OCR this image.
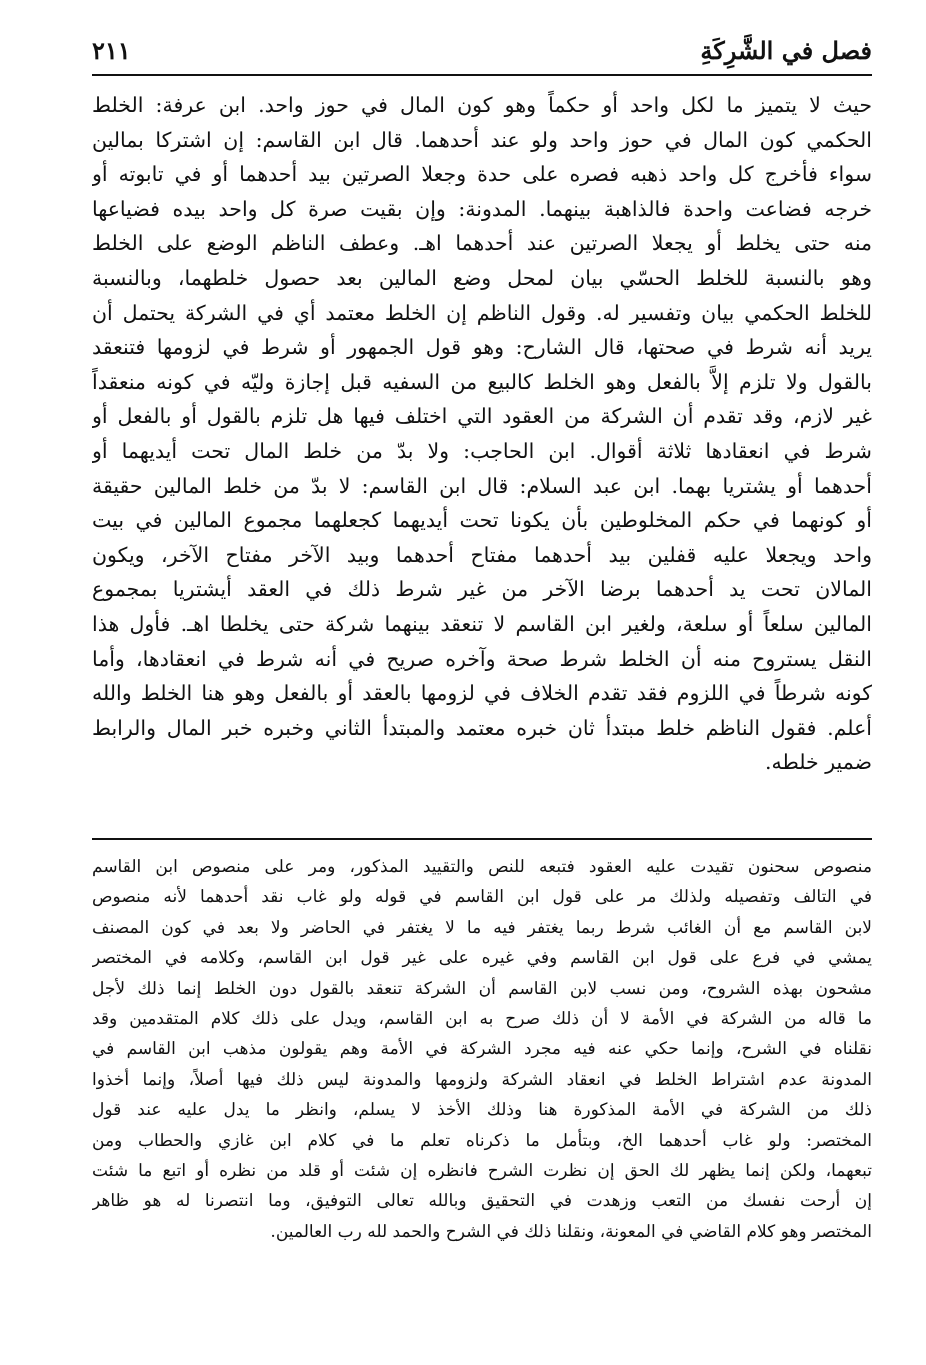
فصل في الشَّرِكَةِ
٢١١
حيث لا يتميز ما لكل واحد أو حكماً وهو كون المال في حوز واحد. ابن عرفة: الخلط
الحكمي كون المال في حوز واحد ولو عند أحدهما. قال ابن القاسم: إن اشتركا بمالين
سواء فأخرج كل واحد ذهبه فصره على حدة وجعلا الصرتين بيد أحدهما أو في تابوته أو
خرجه فضاعت واحدة فالذاهبة بينهما. المدونة: وإن بقيت صرة كل واحد بيده فضياعها
منه حتى يخلط أو يجعلا الصرتين عند أحدهما اهـ. وعطف الناظم الوضع على الخلط
وهو بالنسبة للخلط الحسّي بيان لمحل وضع المالين بعد حصول خلطهما، وبالنسبة
للخلط الحكمي بيان وتفسير له. وقول الناظم إن الخلط معتمد أي في الشركة يحتمل أن
يريد أنه شرط في صحتها، قال الشارح: وهو قول الجمهور أو شرط في لزومها فتنعقد
بالقول ولا تلزم إلاَّ بالفعل وهو الخلط كالبيع من السفيه قبل إجازة وليّه في كونه منعقداً
غير لازم، وقد تقدم أن الشركة من العقود التي اختلف فيها هل تلزم بالقول أو بالفعل أو
شرط في انعقادها ثلاثة أقوال. ابن الحاجب: ولا بدّ من خلط المال تحت أيديهما أو
أحدهما أو يشتريا بهما. ابن عبد السلام: قال ابن القاسم: لا بدّ من خلط المالين حقيقة
أو كونهما في حكم المخلوطين بأن يكونا تحت أيديهما كجعلهما مجموع المالين في بيت
واحد ويجعلا عليه قفلين بيد أحدهما مفتاح أحدهما وبيد الآخر مفتاح الآخر، ويكون
المالان تحت يد أحدهما برضا الآخر من غير شرط ذلك في العقد أيشتريا بمجموع
المالين سلعاً أو سلعة، ولغير ابن القاسم لا تنعقد بينهما شركة حتى يخلطا اهـ. فأول هذا
النقل يستروح منه أن الخلط شرط صحة وآخره صريح في أنه شرط في انعقادها، وأما
كونه شرطاً في اللزوم فقد تقدم الخلاف في لزومها بالعقد أو بالفعل وهو هنا الخلط والله
أعلم. فقول الناظم خلط مبتدأ ثان خبره معتمد والمبتدأ الثاني وخبره خبر المال والرابط
ضمير خلطه.
منصوص سحنون تقيدت عليه العقود فتبعه للنص والتقييد المذكور، ومر على منصوص ابن القاسم
في التالف وتفصيله ولذلك مر على قول ابن القاسم في قوله ولو غاب نقد أحدهما لأنه منصوص
لابن القاسم مع أن الغائب شرط ربما يغتفر فيه ما لا يغتفر في الحاضر ولا بعد في كون المصنف
يمشي في فرع على قول ابن القاسم وفي غيره على غير قول ابن القاسم، وكلامه في المختصر
مشحون بهذه الشروح، ومن نسب لابن القاسم أن الشركة تنعقد بالقول دون الخلط إنما ذلك لأجل
ما قاله من الشركة في الأمة لا أن ذلك صرح به ابن القاسم، ويدل على ذلك كلام المتقدمين وقد
نقلناه في الشرح، وإنما حكي عنه فيه مجرد الشركة في الأمة وهم يقولون مذهب ابن القاسم في
المدونة عدم اشتراط الخلط في انعقاد الشركة ولزومها والمدونة ليس ذلك فيها أصلاً، وإنما أخذوا
ذلك من الشركة في الأمة المذكورة هنا وذلك الأخذ لا يسلم، وانظر ما يدل عليه عند قول
المختصر: ولو غاب أحدهما الخ، وبتأمل ما ذكرناه تعلم ما في كلام ابن غازي والحطاب ومن
تبعهما، ولكن إنما يظهر لك الحق إن نظرت الشرح فانظره إن شئت أو قلد من نظره أو اتبع ما شئت
إن أرحت نفسك من التعب وزهدت في التحقيق وبالله تعالى التوفيق، وما انتصرنا له هو ظاهر
المختصر وهو كلام القاضي في المعونة، ونقلنا ذلك في الشرح والحمد لله رب العالمين.
